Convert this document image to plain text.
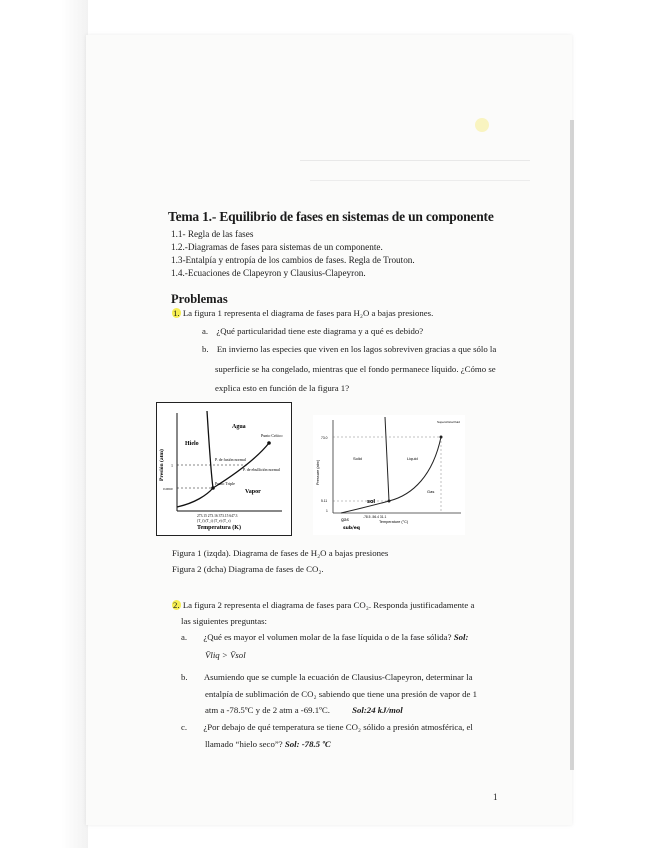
Tema 1.- Equilibrio de fases en sistemas de un componente
1.1- Regla de las fases
1.2.-Diagramas de fases para sistemas de un componente.
1.3-Entalpía y entropía de los cambios de fases. Regla de Trouton.
1.4.-Ecuaciones de Clapeyron y Clausius-Clapeyron.
Problemas
1. La figura 1 representa el diagrama de fases para H₂O a bajas presiones.
a. ¿Qué particularidad tiene este diagrama y a qué es debido?
b. En invierno las especies que viven en los lagos sobreviven gracias a que sólo la
superficie se ha congelado, mientras que el fondo permanece líquido. ¿Cómo se
explica esto en función de la figura 1?
Presión (atm)
Temperatura (K)
Agua
Hielo
Vapor
Punto Crítico
P. de fusión normal
P. de ebullición normal
Punto Triple
1
0.0060
273.15 273.16 373.15 647.3
(T_f) (T_t) (T_e) (T_c)
Pressure (atm)
Temperature (°C)
Solid	Liquid
Gas
Supercritical fluid
73.0
5.11
1
-78.5 -56.4 31.1
sol
gas
sub/eq
Figura 1 (izqda). Diagrama de fases de H₂O a bajas presiones
Figura 2 (dcha) Diagrama de fases de CO₂.
2. La figura 2 representa el diagrama de fases para CO₂. Responda justificadamente a
las siguientes preguntas:
a. ¿Qué es mayor el volumen molar de la fase líquida o de la fase sólida? Sol:
V̄liq > V̄sol
b. Asumiendo que se cumple la ecuación de Clausius-Clapeyron, determinar la
entalpía de sublimación de CO₂ sabiendo que tiene una presión de vapor de 1
atm a -78.5ºC y de 2 atm a -69.1ºC.	Sol:24 kJ/mol
c. ¿Por debajo de qué temperatura se tiene CO₂ sólido a presión atmosférica, el
llamado “hielo seco”? Sol: -78.5 ºC
1
